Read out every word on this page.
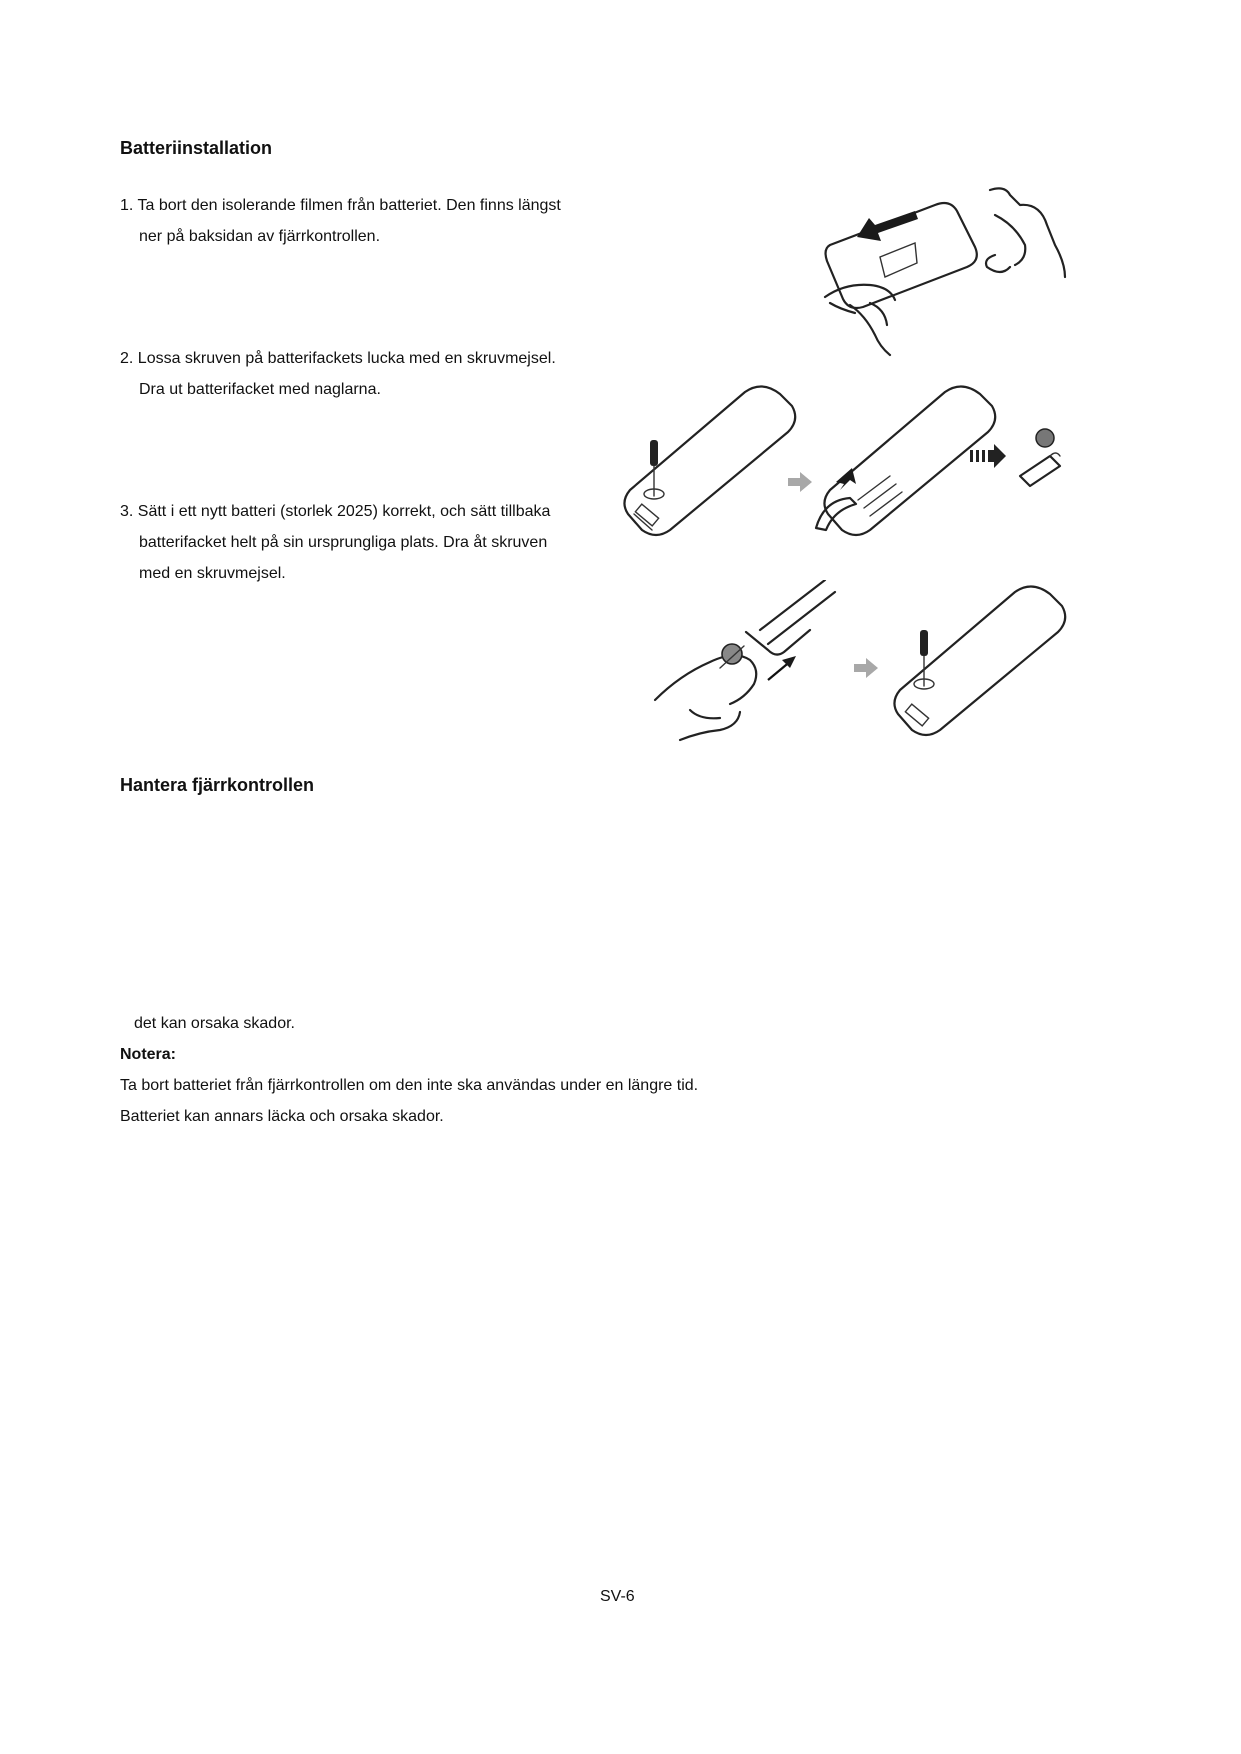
Batteriinstallation
1. Ta bort den isolerande filmen från batteriet. Den finns längst
ner på baksidan av fjärrkontrollen.
2. Lossa skruven på batterifackets lucka med en skruvmejsel.
Dra ut batterifacket med naglarna.
3. Sätt i ett nytt batteri (storlek 2025) korrekt, och sätt tillbaka
batterifacket helt på sin ursprungliga plats. Dra åt skruven
med en skruvmejsel.
Hantera fjärrkontrollen
det kan orsaka skador.
Notera:
Ta bort batteriet från fjärrkontrollen om den inte ska användas under en längre tid.
Batteriet kan annars läcka och orsaka skador.
SV-6
